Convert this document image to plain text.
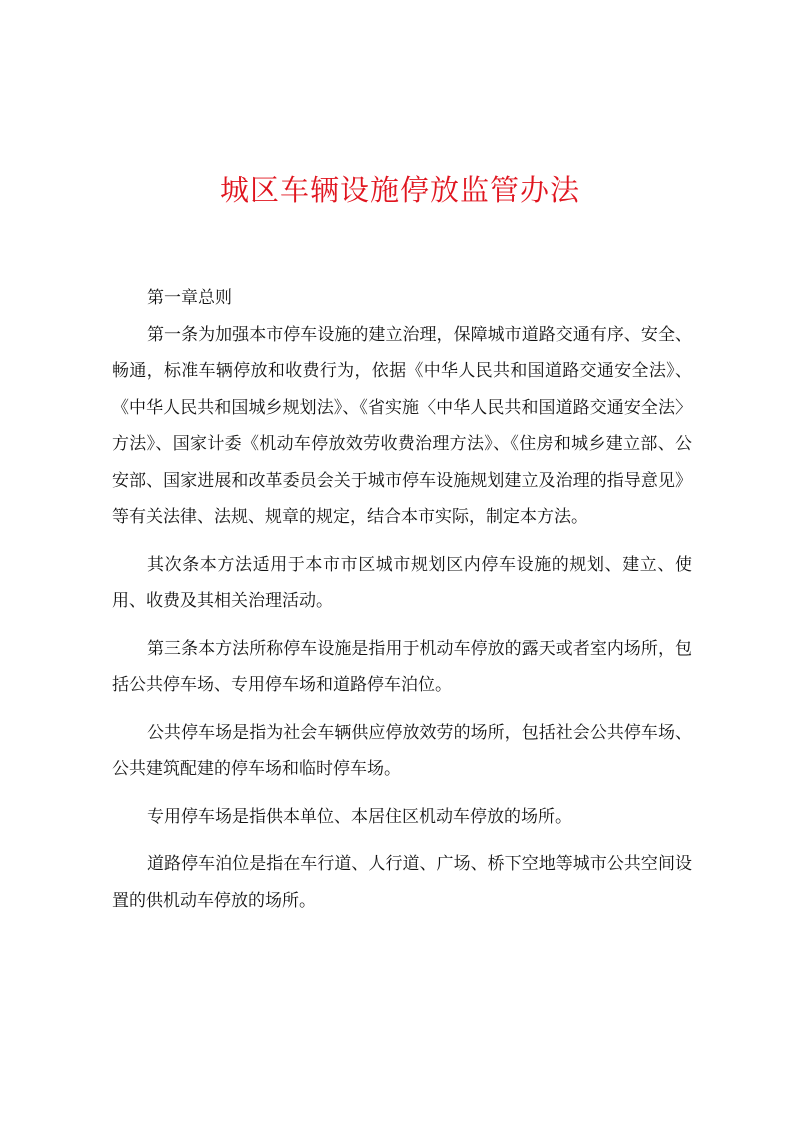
城区车辆设施停放监管办法

第一章总则

第一条为加强本市停车设施的建立治理，保障城市道路交通有序、安全、畅通，标准车辆停放和收费行为，依据《中华人民共和国道路交通安全法》、《中华人民共和国城乡规划法》、《省实施〈中华人民共和国道路交通安全法〉方法》、国家计委《机动车停放效劳收费治理方法》、《住房和城乡建立部、公安部、国家进展和改革委员会关于城市停车设施规划建立及治理的指导意见》等有关法律、法规、规章的规定，结合本市实际，制定本方法。

其次条本方法适用于本市市区城市规划区内停车设施的规划、建立、使用、收费及其相关治理活动。

第三条本方法所称停车设施是指用于机动车停放的露天或者室内场所，包括公共停车场、专用停车场和道路停车泊位。

公共停车场是指为社会车辆供应停放效劳的场所，包括社会公共停车场、公共建筑配建的停车场和临时停车场。

专用停车场是指供本单位、本居住区机动车停放的场所。

道路停车泊位是指在车行道、人行道、广场、桥下空地等城市公共空间设置的供机动车停放的场所。
